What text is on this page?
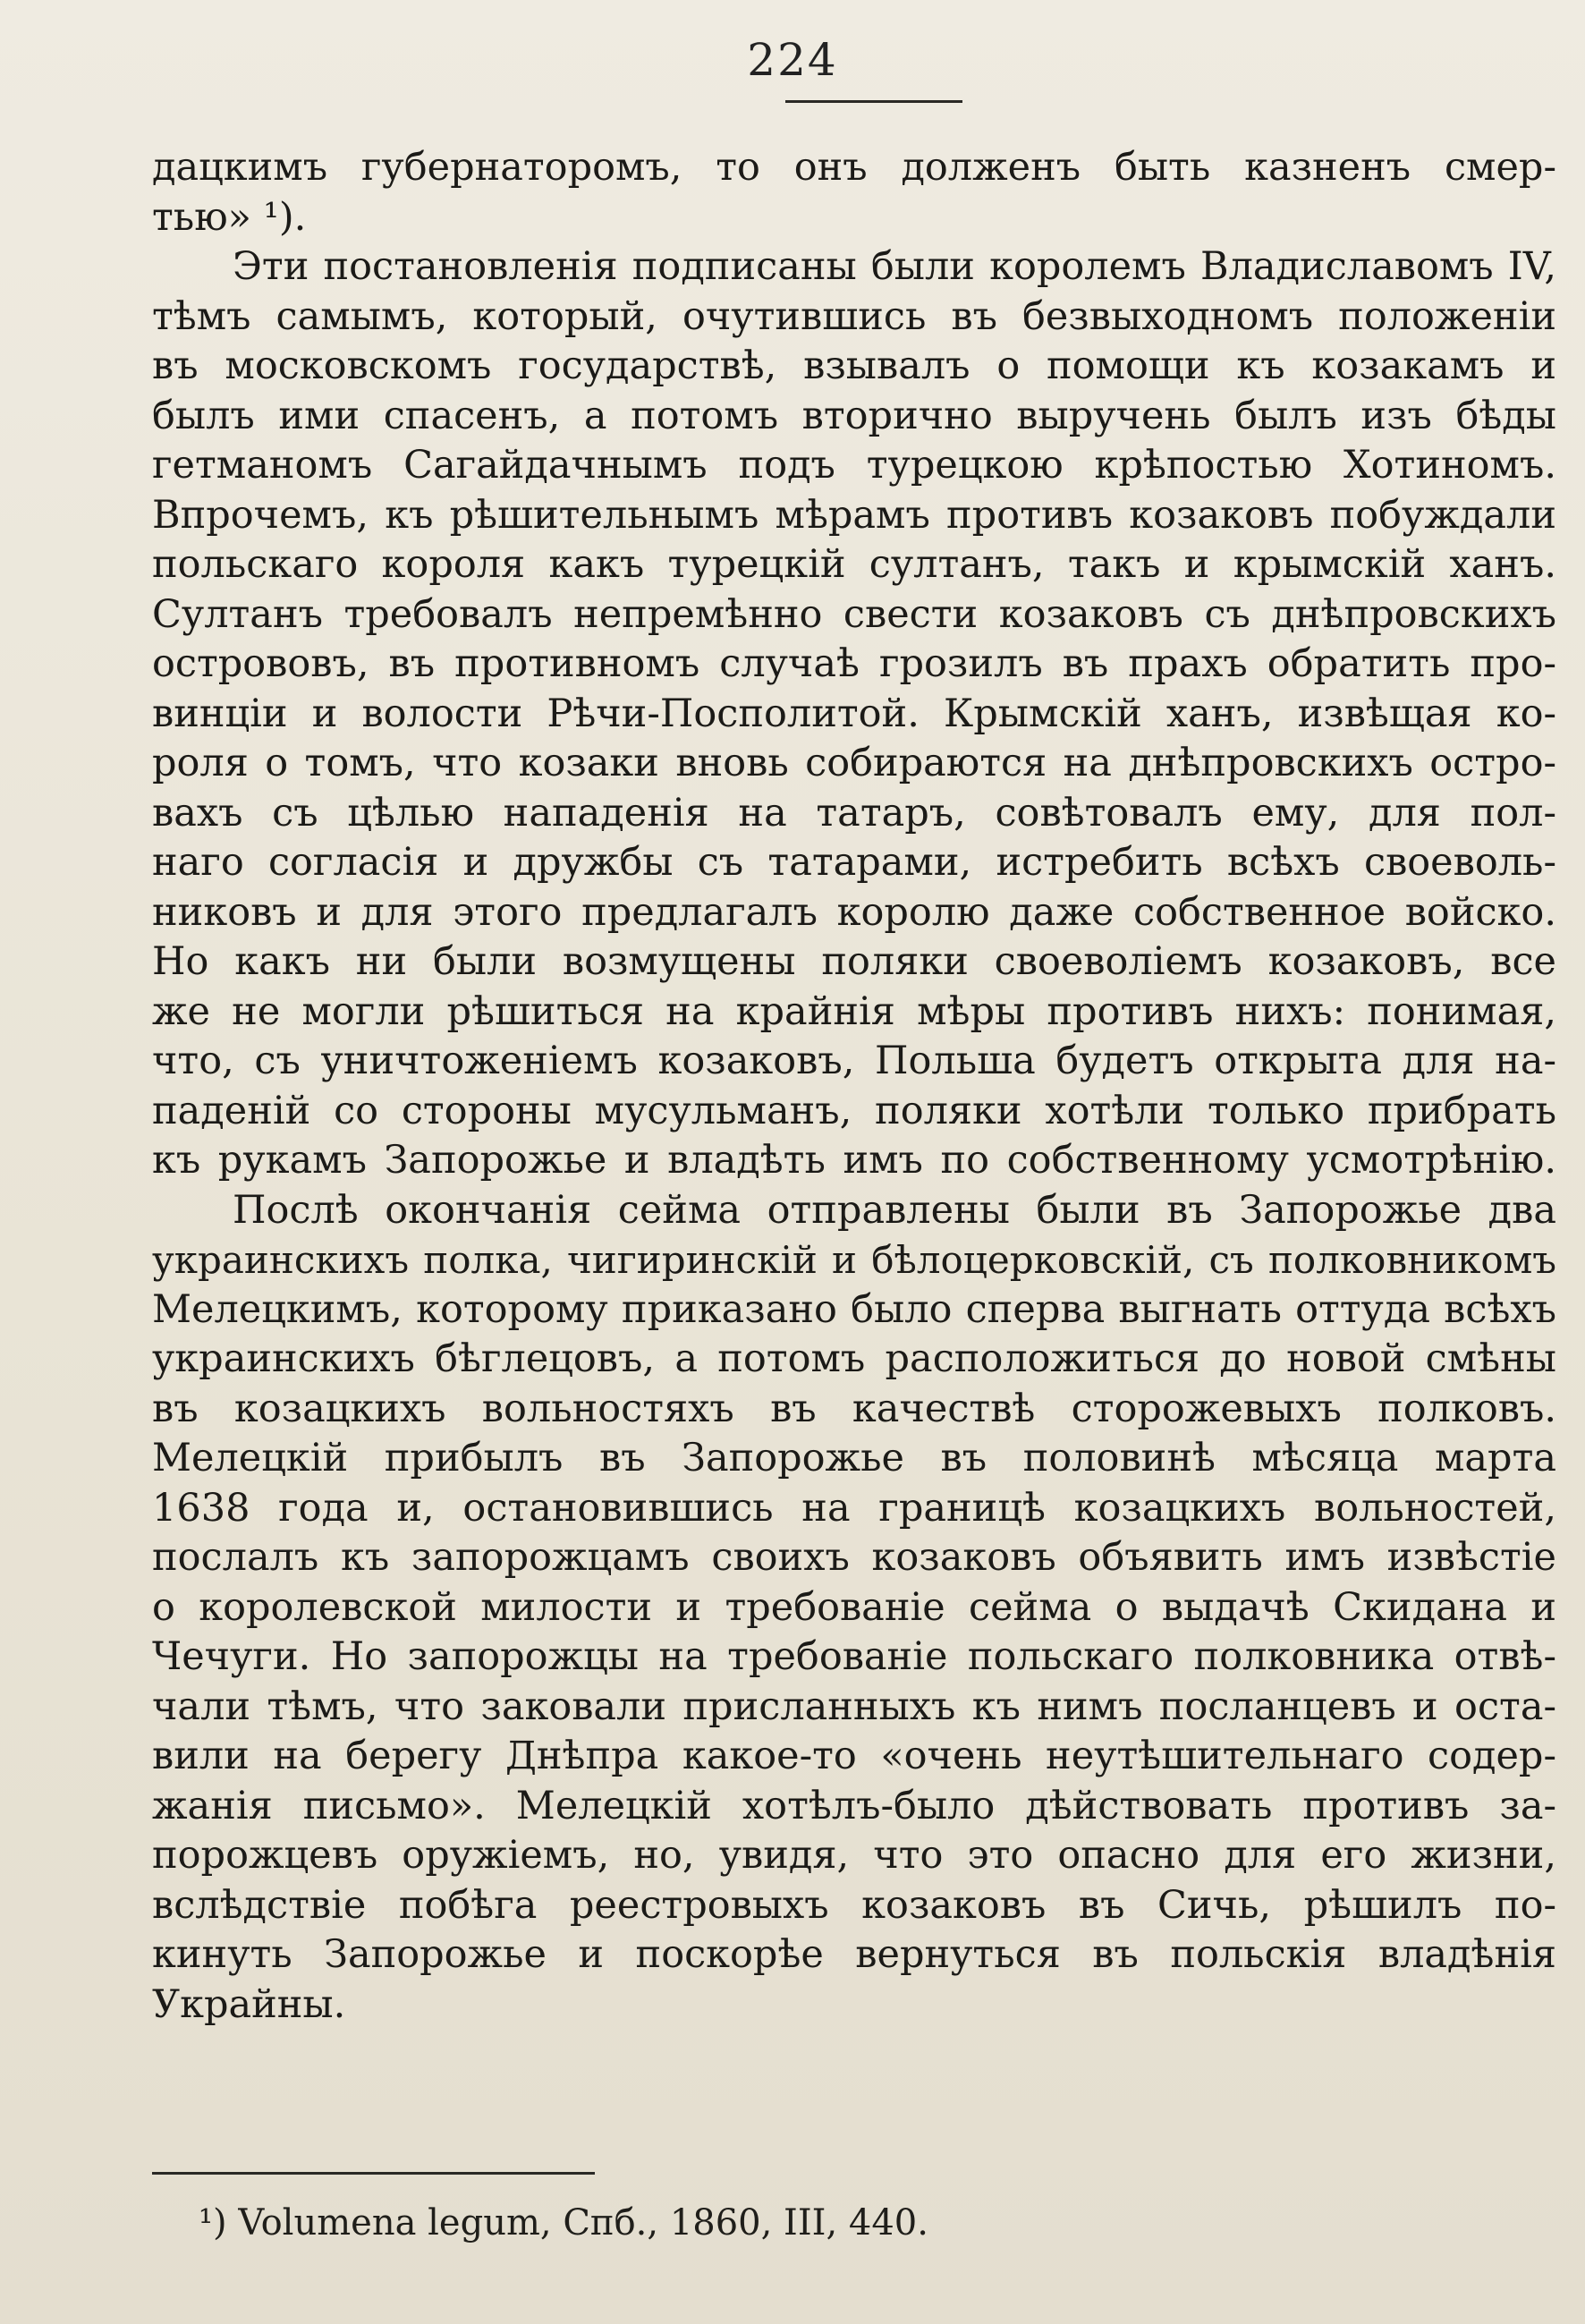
224
дацкимъ губернаторомъ, то онъ долженъ быть казненъ смер-
тью» ¹).
Эти постановленія подписаны были королемъ Владиславомъ IV,
тѣмъ самымъ, который, очутившись въ безвыходномъ положеніи
въ московскомъ государствѣ, взывалъ о помощи къ козакамъ и
былъ ими спасенъ, а потомъ вторично выручень былъ изъ бѣды
гетманомъ Сагайдачнымъ подъ турецкою крѣпостью Хотиномъ.
Впрочемъ, къ рѣшительнымъ мѣрамъ противъ козаковъ побуждали
польскаго короля какъ турецкій султанъ, такъ и крымскій ханъ.
Султанъ требовалъ непремѣнно свести козаковъ съ днѣпровскихъ
острововъ, въ противномъ случаѣ грозилъ въ прахъ обратить про-
винціи и волости Рѣчи-Посполитой. Крымскій ханъ, извѣщая ко-
роля о томъ, что козаки вновь собираются на днѣпровскихъ остро-
вахъ съ цѣлью нападенія на татаръ, совѣтовалъ ему, для пол-
наго согласія и дружбы съ татарами, истребить всѣхъ своеволь-
никовъ и для этого предлагалъ королю даже собственное войско.
Но какъ ни были возмущены поляки своеволіемъ козаковъ, все
же не могли рѣшиться на крайнія мѣры противъ нихъ: понимая,
что, съ уничтоженіемъ козаковъ, Польша будетъ открыта для на-
паденій со стороны мусульманъ, поляки хотѣли только прибрать
къ рукамъ Запорожье и владѣть имъ по собственному усмотрѣнію.
Послѣ окончанія сейма отправлены были въ Запорожье два
украинскихъ полка, чигиринскій и бѣлоцерковскій, съ полковникомъ
Мелецкимъ, которому приказано было сперва выгнать оттуда всѣхъ
украинскихъ бѣглецовъ, а потомъ расположиться до новой смѣны
въ козацкихъ вольностяхъ въ качествѣ сторожевыхъ полковъ.
Мелецкій прибылъ въ Запорожье въ половинѣ мѣсяца марта
1638 года и, остановившись на границѣ козацкихъ вольностей,
послалъ къ запорожцамъ своихъ козаковъ объявить имъ извѣстіе
о королевской милости и требованіе сейма о выдачѣ Скидана и
Чечуги. Но запорожцы на требованіе польскаго полковника отвѣ-
чали тѣмъ, что заковали присланныхъ къ нимъ посланцевъ и оста-
вили на берегу Днѣпра какое-то «очень неутѣшительнаго содер-
жанія письмо». Мелецкій хотѣлъ-было дѣйствовать противъ за-
порожцевъ оружіемъ, но, увидя, что это опасно для его жизни,
вслѣдствіе побѣга реестровыхъ козаковъ въ Сичь, рѣшилъ по-
кинуть Запорожье и поскорѣе вернуться въ польскія владѣнія
Украйны.
¹) Volumena legum, Спб., 1860, III, 440.
